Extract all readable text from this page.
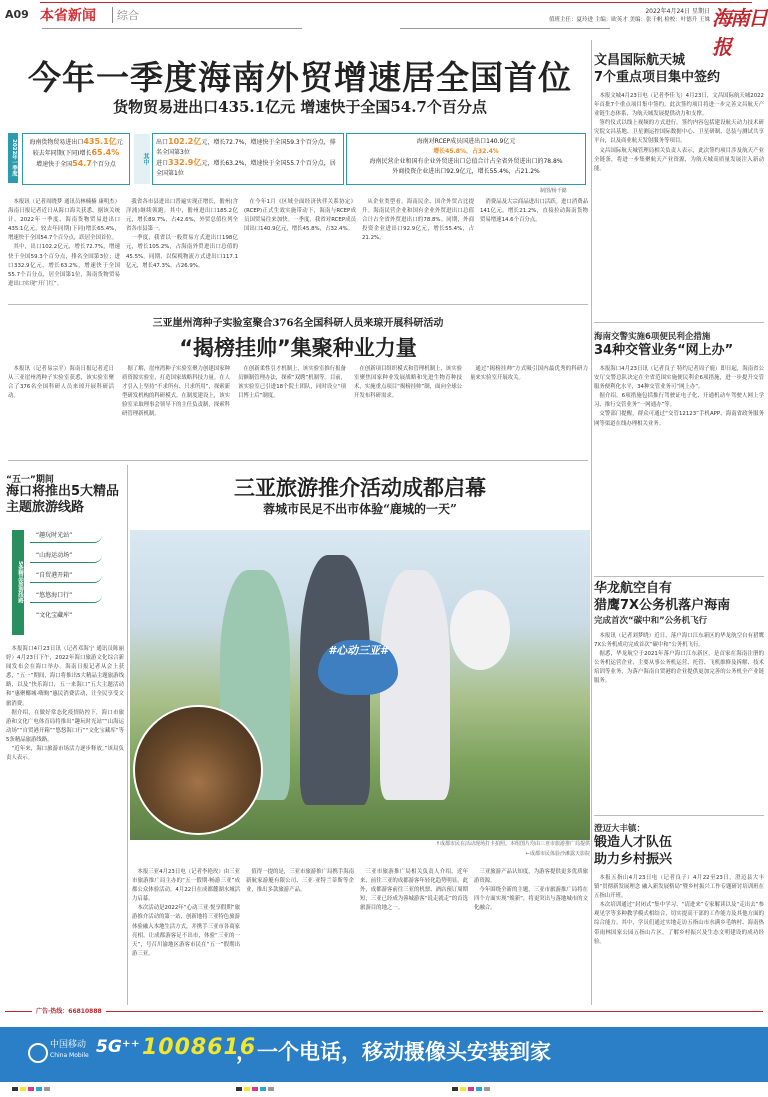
A09 本省新闻	综合	2022年4月24日 星期日
值班主任：夏玲进 主编：欧英才 美编：张千帆 检校：叶德升 王姝 海南日报
今年一季度海南外贸增速居全国首位
货物贸易进出口435.1亿元 增速快于全国54.7个百分点
2022年一季度	海南货物贸易进出口435.1亿元
较去年同期(下同)增长65.4%
增速快于全国54.7个百分点	其中
出口102.2亿元，增长72.7%，增速快于全国59.3个百分点，排名全国第3位
进口332.9亿元，增长63.2%，增速快于全国55.7个百分点，居全国第1位
海南对RCEP成员国进出口140.9亿元
增长45.8%，占32.4%
海南民营企业和国有企业外贸进出口总值合计占全省外贸进出口的78.8%
外商投资企业进出口92.9亿元，增长55.4%，占21.2%
制图/杨千懿

本报讯（记者周晓梦 通讯员林楠楠 康明杰）海南日报记者近日从海口海关获悉，据该关统计，2022年一季度，海南货物贸易进出口435.1亿元，较去年同期(下同)增长65.4%，增速快于全国54.7个百分点，跃居全国首位。

其中，出口102.2亿元，增长72.7%，增速快于全国59.3个百分点，排名全国第3位；进口332.9亿元，增长63.2%，增速快于全国55.7个百分点，居全国第1位，海南货物贸易进出口实现“开门红”。

我省各市县进出口普遍实现正增长，儋州(含洋浦)继续领跑。其中，儋州进出口185.2亿元，增长89.7%，占42.6%，外贸总值位列全省各市县第一。

一季度，我省以一般贸易方式进出口198亿元，增长105.2%，占海南外贸进出口总值的45.5%。同期，以保税物流方式进出口117.1亿元，增长47.3%，占26.9%。

在今年1月《区域全面经济伙伴关系协定》(RCEP)正式生效实施带动下，海南与RCEP成员国贸易往来加快。一季度，我省对RCEP成员国出口140.9亿元，增长45.8%，占32.4%。

从企业类型看，海南民企、国企外贸占比提升。海南民营企业和国有企业外贸进出口总值合计占全省外贸进出口的78.8%。同期，外商投资企业进出口92.9亿元，增长55.4%，占21.2%。

消费品及大宗商品进出口活跃。进口消费品141亿元，增长21.2%，直接拉动海南货物贸易增速14.6个百分点。

三亚崖州湾种子实验室聚合376名全国科研人员来琼开展科研活动
“揭榜挂帅”集聚种业力量

本报讯（记者易宗平）海南日报记者近日从三亚崖州湾种子实验室获悉，该实验室聚合了376名全国科研人员来琼开展科研活动。

据了解，崖州湾种子实验室聚力创建国家种质资源实验室，打造国家战略科技力量。在人才引入上坚持“不求所有、只求所用”，探索新型研发机构的科研模式。在制度建设上，该实验室采取理事会领导下的主任负责制，探索科研管理新机制。

在创新柔性引才机制上，该实验室推行报备员额制管理办法，探索“双聘”机制等。目前，该实验室已引进18个院士团队，同时设立“项目博士后”制度。

在创新项目组织模式和管理机制上，该实验室聚焦国家种业发展战略和先进生物育种技术，实施重点项目“揭榜挂帅”制，面向全球公开发布科研需求。

通过“揭榜挂帅”方式吸引国内最优秀的科研力量来实验室开展攻关。

“五一”期间
海口将推出5大精品主题旅游线路
5条精品旅游线路
“趣玩时光站”
“山海运动场”
“自贸港开箱”
“悠悠海口行”
“文化宝藏库”

本报海口4月23日讯（记者邓海宁 通讯员陈丽婷）4月23日下午，2022年海口旅游文化综合新闻发布会在海口举办。海南日报记者从会上获悉，“五一”期间，海口将推出5大精品主题旅游线路，以及“快乐海口，五一来海口”五大主题活动和“惠聚椰城·嗨购”惠民消费活动，让全民享受文旅消费。

据介绍，在做好常态化疫情防控下，海口市旅游和文化广电体育局将推出“趣玩时光站”“山海运动场”“自贸港开箱”“悠悠海口行”“文化宝藏库”等5条精品旅游线路。

“近年来，海口旅游市场活力逐步释放。”该局负责人表示。

三亚旅游推介活动成都启幕
蓉城市民足不出市体验“鹿城的一天”
#心动三亚#
↑成都市民在活动现场打卡拍照。本组图片均由三亚市旅游推广局提供
←成都市民体验沙滩露天影院

本报三亚4月23日电（记者李艳玫）由三亚市旅游推广局主办的“五一假期·畅游三亚”成都公众体验活动，4月22日在成都麓湖水城活力启幕。

本次活动是2022年“心动三亚·悦享假期”旅游推介活动的第一站，创新地将三亚特色旅游体验融入本地生活方式，并携手三亚市各商家亮相，让成都游客足不出市，体验“三亚的一天”，号召川渝地区游客市民在“五一”假期出游三亚。

值得一提的是，三亚市旅游推广局携手海南新航家游艇有限公司、三亚·亚特兰蒂斯等企业，推出多款旅游产品。

三亚市旅游推广局相关负责人介绍，近年来，前往三亚的成都游客年轻化趋势明显。此外，成都游客前往三亚的机票、酒店预订周期短，三亚已经成为蓉城游客“说走就走”的首选旅游目的地之一。

三亚旅游产品认知度，为游客提供更多优质旅游资源。

今年围绕全新的主题，三亚市旅游推广局将在四个方面实现“焕新”，将更突出与落地城市的文化融合。

文昌国际航天城
7个重点项目集中签约

本报文城4月23日电（记者李佳飞）4月23日，文昌国际航天城2022年首批7个重点项目集中签约。此次签约项目将进一步完善文昌航天产业链生态体系，为航天城发展提供动力和支撑。

签约仪式以线上视频的方式进行。签约内容包括建设航天动力技术研究院文昌基地、卫星测运控国际数据中心、卫星研制、总装与测试共享平台，以及商业航天发射服务等项目。

文昌国际航天城管理局相关负责人表示，此次签约项目涉及航天产业全链条，将进一步集聚航天产业资源，为航天城高质量发展注入新动能。

海南交警实施6项便民利企措施
34种交管业务“网上办”

本报海口4月23日讯（记者良子 特约记者周子鹿）即日起，海南省公安厅交警总队决定在全省范围实施便民利企6项措施，进一步提升交管服务便利化水平，34种交管业务可“网上办”。

据介绍，6项措施包括推行驾驶证电子化、开通机动车驾驶人网上学习、推行交管业务“一网通办”等。

交警部门提醒，群众可通过“交管12123”手机APP、海南省政务服务网等渠道在线办理相关业务。

华龙航空自有
猎鹰7X公务机落户海南
完成首次“碳中和”公务机飞行

本报讯（记者刘梦晓）近日，落户海口江东新区的华龙航空自有猎鹰7X公务机成功完成首次“碳中和”公务机飞行。

据悉，华龙航空于2021年落户海口江东新区，是首家在海南注册的公务机运营企业，主要从事公务机运营、托管、飞机维修及拆解、技术培训等业务，为落户海南自贸港的企业提供更加完善的公务机全产业链服务。

澄迈大丰镇：
锻造人才队伍
助力乡村振兴

本报五指山4月23日电（记者良子）4月22至23日，澄迈县大丰镇“贯彻新发展理念 融入新发展格局”暨乡村振兴工作专题研讨培训班在五指山开班。

本次培训通过“封闭式”集中学习、“请进来”专家解读以及“走出去”参观见学等多种教学模式相结合，切实提高干部的工作能力及其他方面的综合能力。其中，学员们通过实地走访五指山市水满乡毛纳村、海南热带雨林国家公园五指山片区，了解乡村振兴及生态文明建设的成功经验。

广告·热线：66810888
中国移动
China Mobile 5G⁺⁺ 1008616
，一个电话，移动摄像头安装到家
